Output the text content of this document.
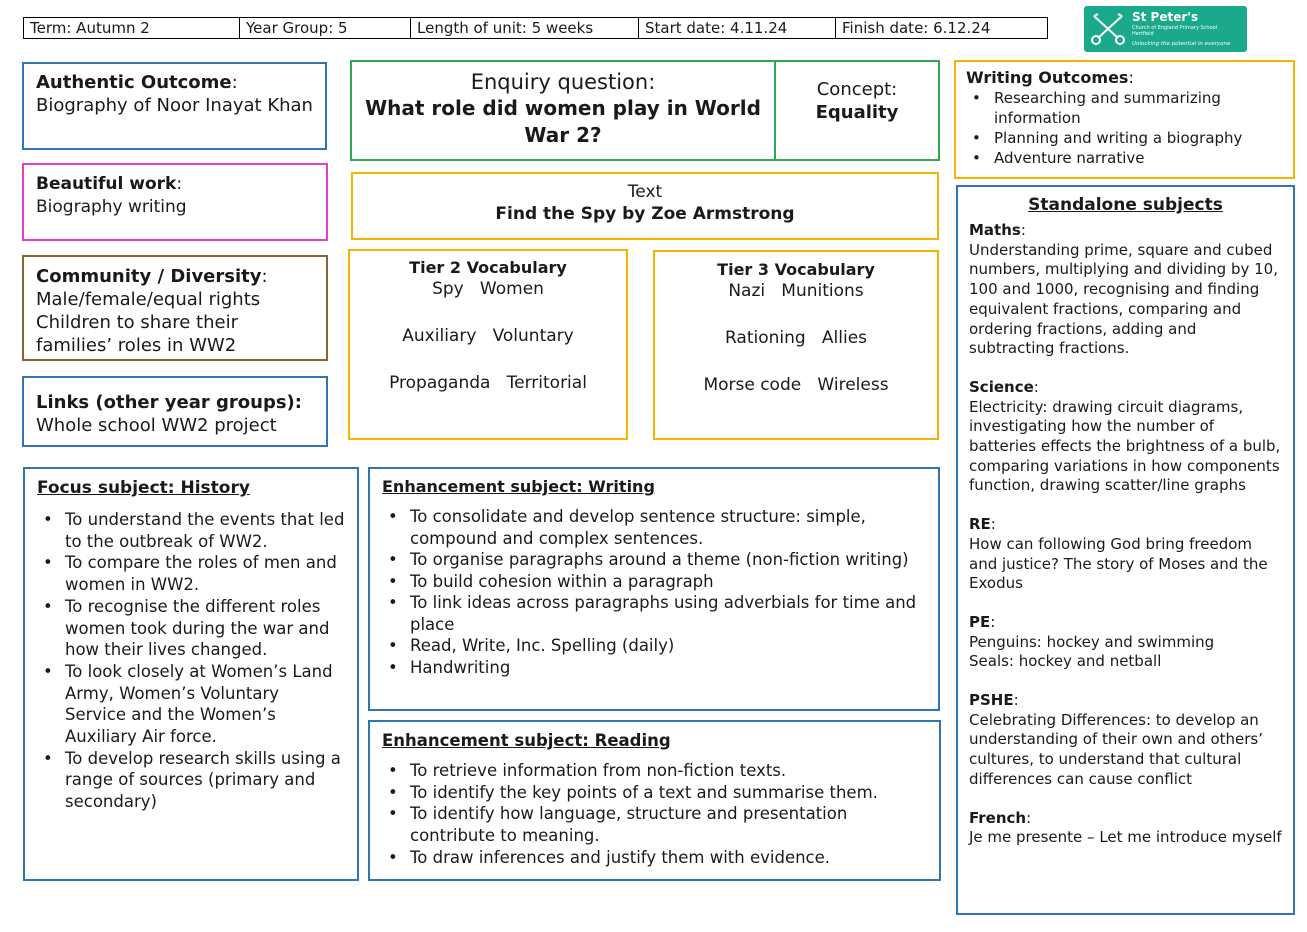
Term: Autumn 2	Year Group: 5	Length of unit: 5 weeks	Start date: 4.11.24	Finish date: 6.12.24
St Peter's
Church of England Primary School
Hertfield
Unlocking the potential in everyone
Authentic Outcome:
Biography of Noor Inayat Khan
Beautiful work:
Biography writing
Community / Diversity:
Male/female/equal rights
Children to share their
families’ roles in WW2
Links (other year groups):
Whole school WW2 project
Enquiry question:
What role did women play in World War 2?
Concept:
Equality
Text
Find the Spy by Zoe Armstrong
Tier 2 Vocabulary
Spy   Women
Auxiliary   Voluntary
Propaganda   Territorial
Tier 3 Vocabulary
Nazi   Munitions
Rationing   Allies
Morse code   Wireless
Writing Outcomes:
• Researching and summarizing information
• Planning and writing a biography
• Adventure narrative
Standalone subjects
Maths:

Understanding prime, square and cubed numbers, multiplying and dividing by 10, 100 and 1000, recognising and finding equivalent fractions, comparing and ordering fractions, adding and subtracting fractions.

Science:

Electricity: drawing circuit diagrams, investigating how the number of batteries effects the brightness of a bulb, comparing variations in how components function, drawing scatter/line graphs

RE:

How can following God bring freedom and justice? The story of Moses and the Exodus

PE:

Penguins: hockey and swimming

Seals: hockey and netball

PSHE:

Celebrating Differences: to develop an understanding of their own and others’ cultures, to understand that cultural differences can cause conflict

French:

Je me presente – Let me introduce myself

Focus subject: History
• To understand the events that led to the outbreak of WW2.
• To compare the roles of men and women in WW2.
• To recognise the different roles women took during the war and how their lives changed.
• To look closely at Women’s Land Army, Women’s Voluntary Service and the Women’s Auxiliary Air force.
• To develop research skills using a range of sources (primary and secondary)
Enhancement subject: Writing
• To consolidate and develop sentence structure: simple, compound and complex sentences.
• To organise paragraphs around a theme (non-fiction writing)
• To build cohesion within a paragraph
• To link ideas across paragraphs using adverbials for time and place
• Read, Write, Inc. Spelling (daily)
• Handwriting
Enhancement subject: Reading
• To retrieve information from non-fiction texts.
• To identify the key points of a text and summarise them.
• To identify how language, structure and presentation contribute to meaning.
• To draw inferences and justify them with evidence.
